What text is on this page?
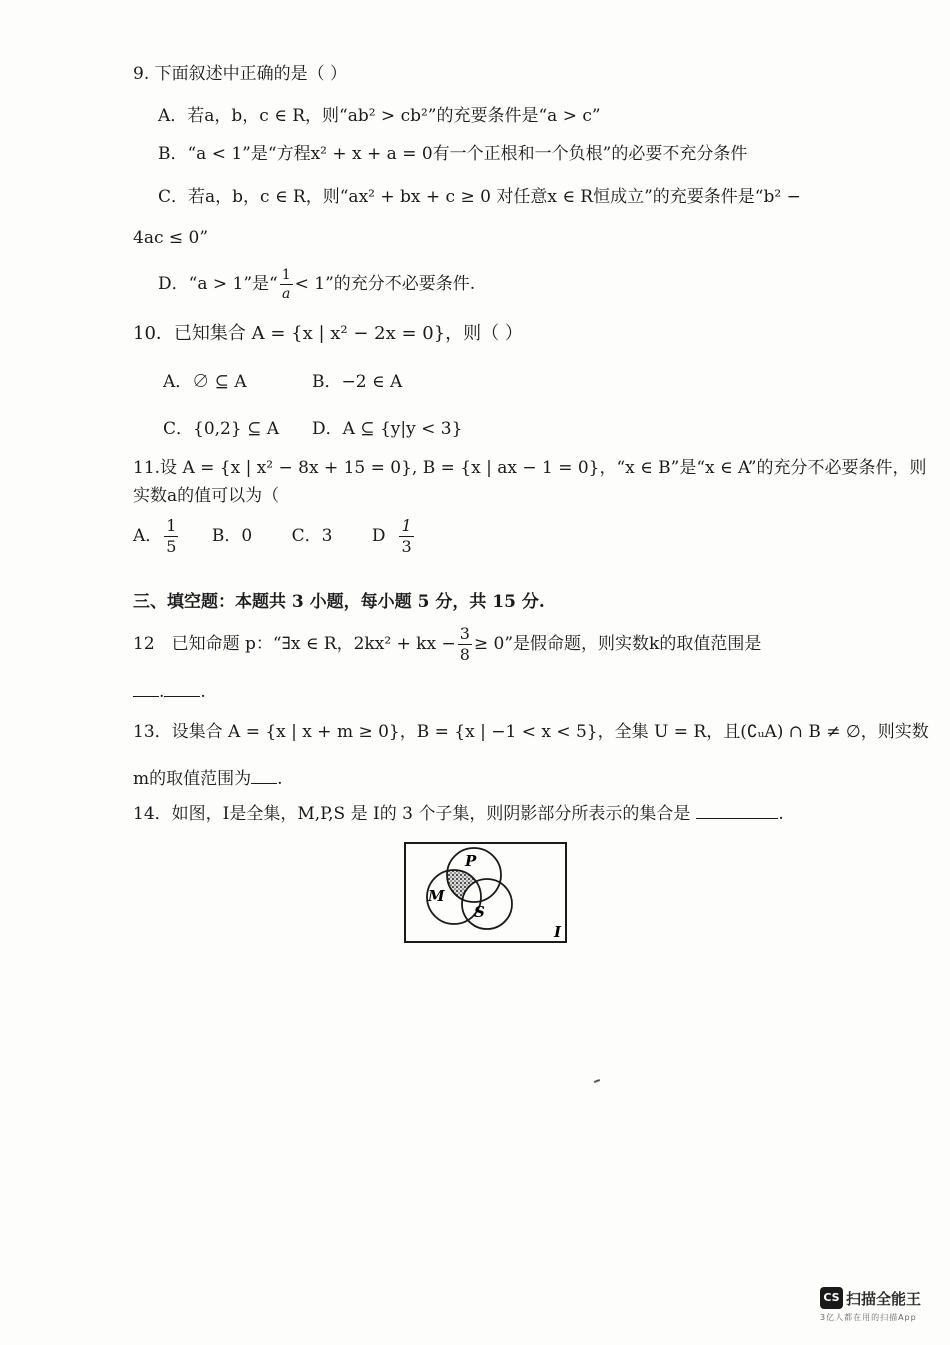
9. 下面叙述中正确的是（ ）
A．若a，b，c ∈ R，则“ab² > cb²”的充要条件是“a > c”
B．“a < 1”是“方程x² + x + a = 0有一个正根和一个负根”的必要不充分条件
C．若a，b，c ∈ R，则“ax² + bx + c ≥ 0 对任意x ∈ R恒成立”的充要条件是“b² −
4ac ≤ 0”
D．“a > 1”是“ $\frac{1}{a} < 1$”的充分不必要条件.
10．已知集合 A = {x | x² − 2x = 0}，则（ ）
A．∅ ⊆ A	B．−2 ∈ A
C．{0,2} ⊆ A D．A ⊆ {y|y < 3}
11.设 A = {x | x² − 8x + 15 = 0}, B = {x | ax − 1 = 0}，“x ∈ B”是“x ∈ A”的充分不必要条件，则
实数a的值可以为（
A． $\frac{1}{5}$ B．0 C．3 D $\frac{1}{3}$
三、填空题：本题共 3 小题，每小题 5 分，共 15 分.
12　已知命题 p：“∃x ∈ R，2kx² + kx − $\frac{3}{8} \ge 0$”是假命题，则实数k的取值范围是
. .
13．设集合 A = {x | x + m ≥ 0}，B = {x | −1 < x < 5}，全集 U = R，且(∁ᵤA) ∩ B ≠ ∅，则实数
m的取值范围为 .
14．如图，I是全集，M,P,S 是 I的 3 个子集，则阴影部分所表示的集合是	.
P
M
S
I
CS 扫描全能王
3亿人都在用的扫描App
